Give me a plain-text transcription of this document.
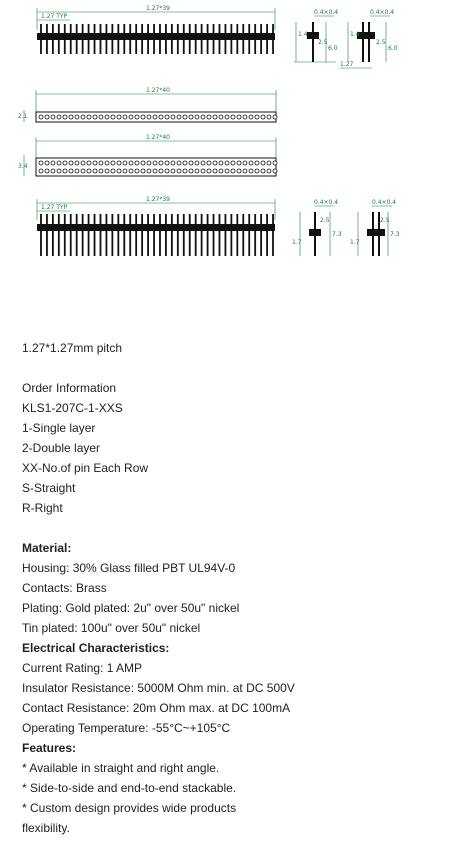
1.27*39
1.27 TYP
0.4×0.4
1.4
2.5
6.0
0.4×0.4
1.4
2.5
6.0
1.27
1.27*40
2.1
1.27*40
3.4
1.27*39
1.27 TYP
0.4×0.4
1.7
2.5
7.3
0.4×0.4
1.7
2.5
7.3
1.27*1.27mm pitch
Order Information
KLS1-207C-1-XXS
1-Single layer
2-Double layer
XX-No.of pin Each Row
S-Straight
R-Right
Material:
Housing: 30% Glass filled PBT UL94V-0
Contacts: Brass
Plating: Gold plated: 2u" over 50u" nickel
Tin plated: 100u" over 50u" nickel
Electrical Characteristics:
Current Rating: 1 AMP
Insulator Resistance: 5000M Ohm min. at DC 500V
Contact Resistance: 20m Ohm max. at DC 100mA
Operating Temperature: -55°C~+105°C
Features:
* Available in straight and right angle.
* Side-to-side and end-to-end stackable.
* Custom design provides wide products
flexibility.
